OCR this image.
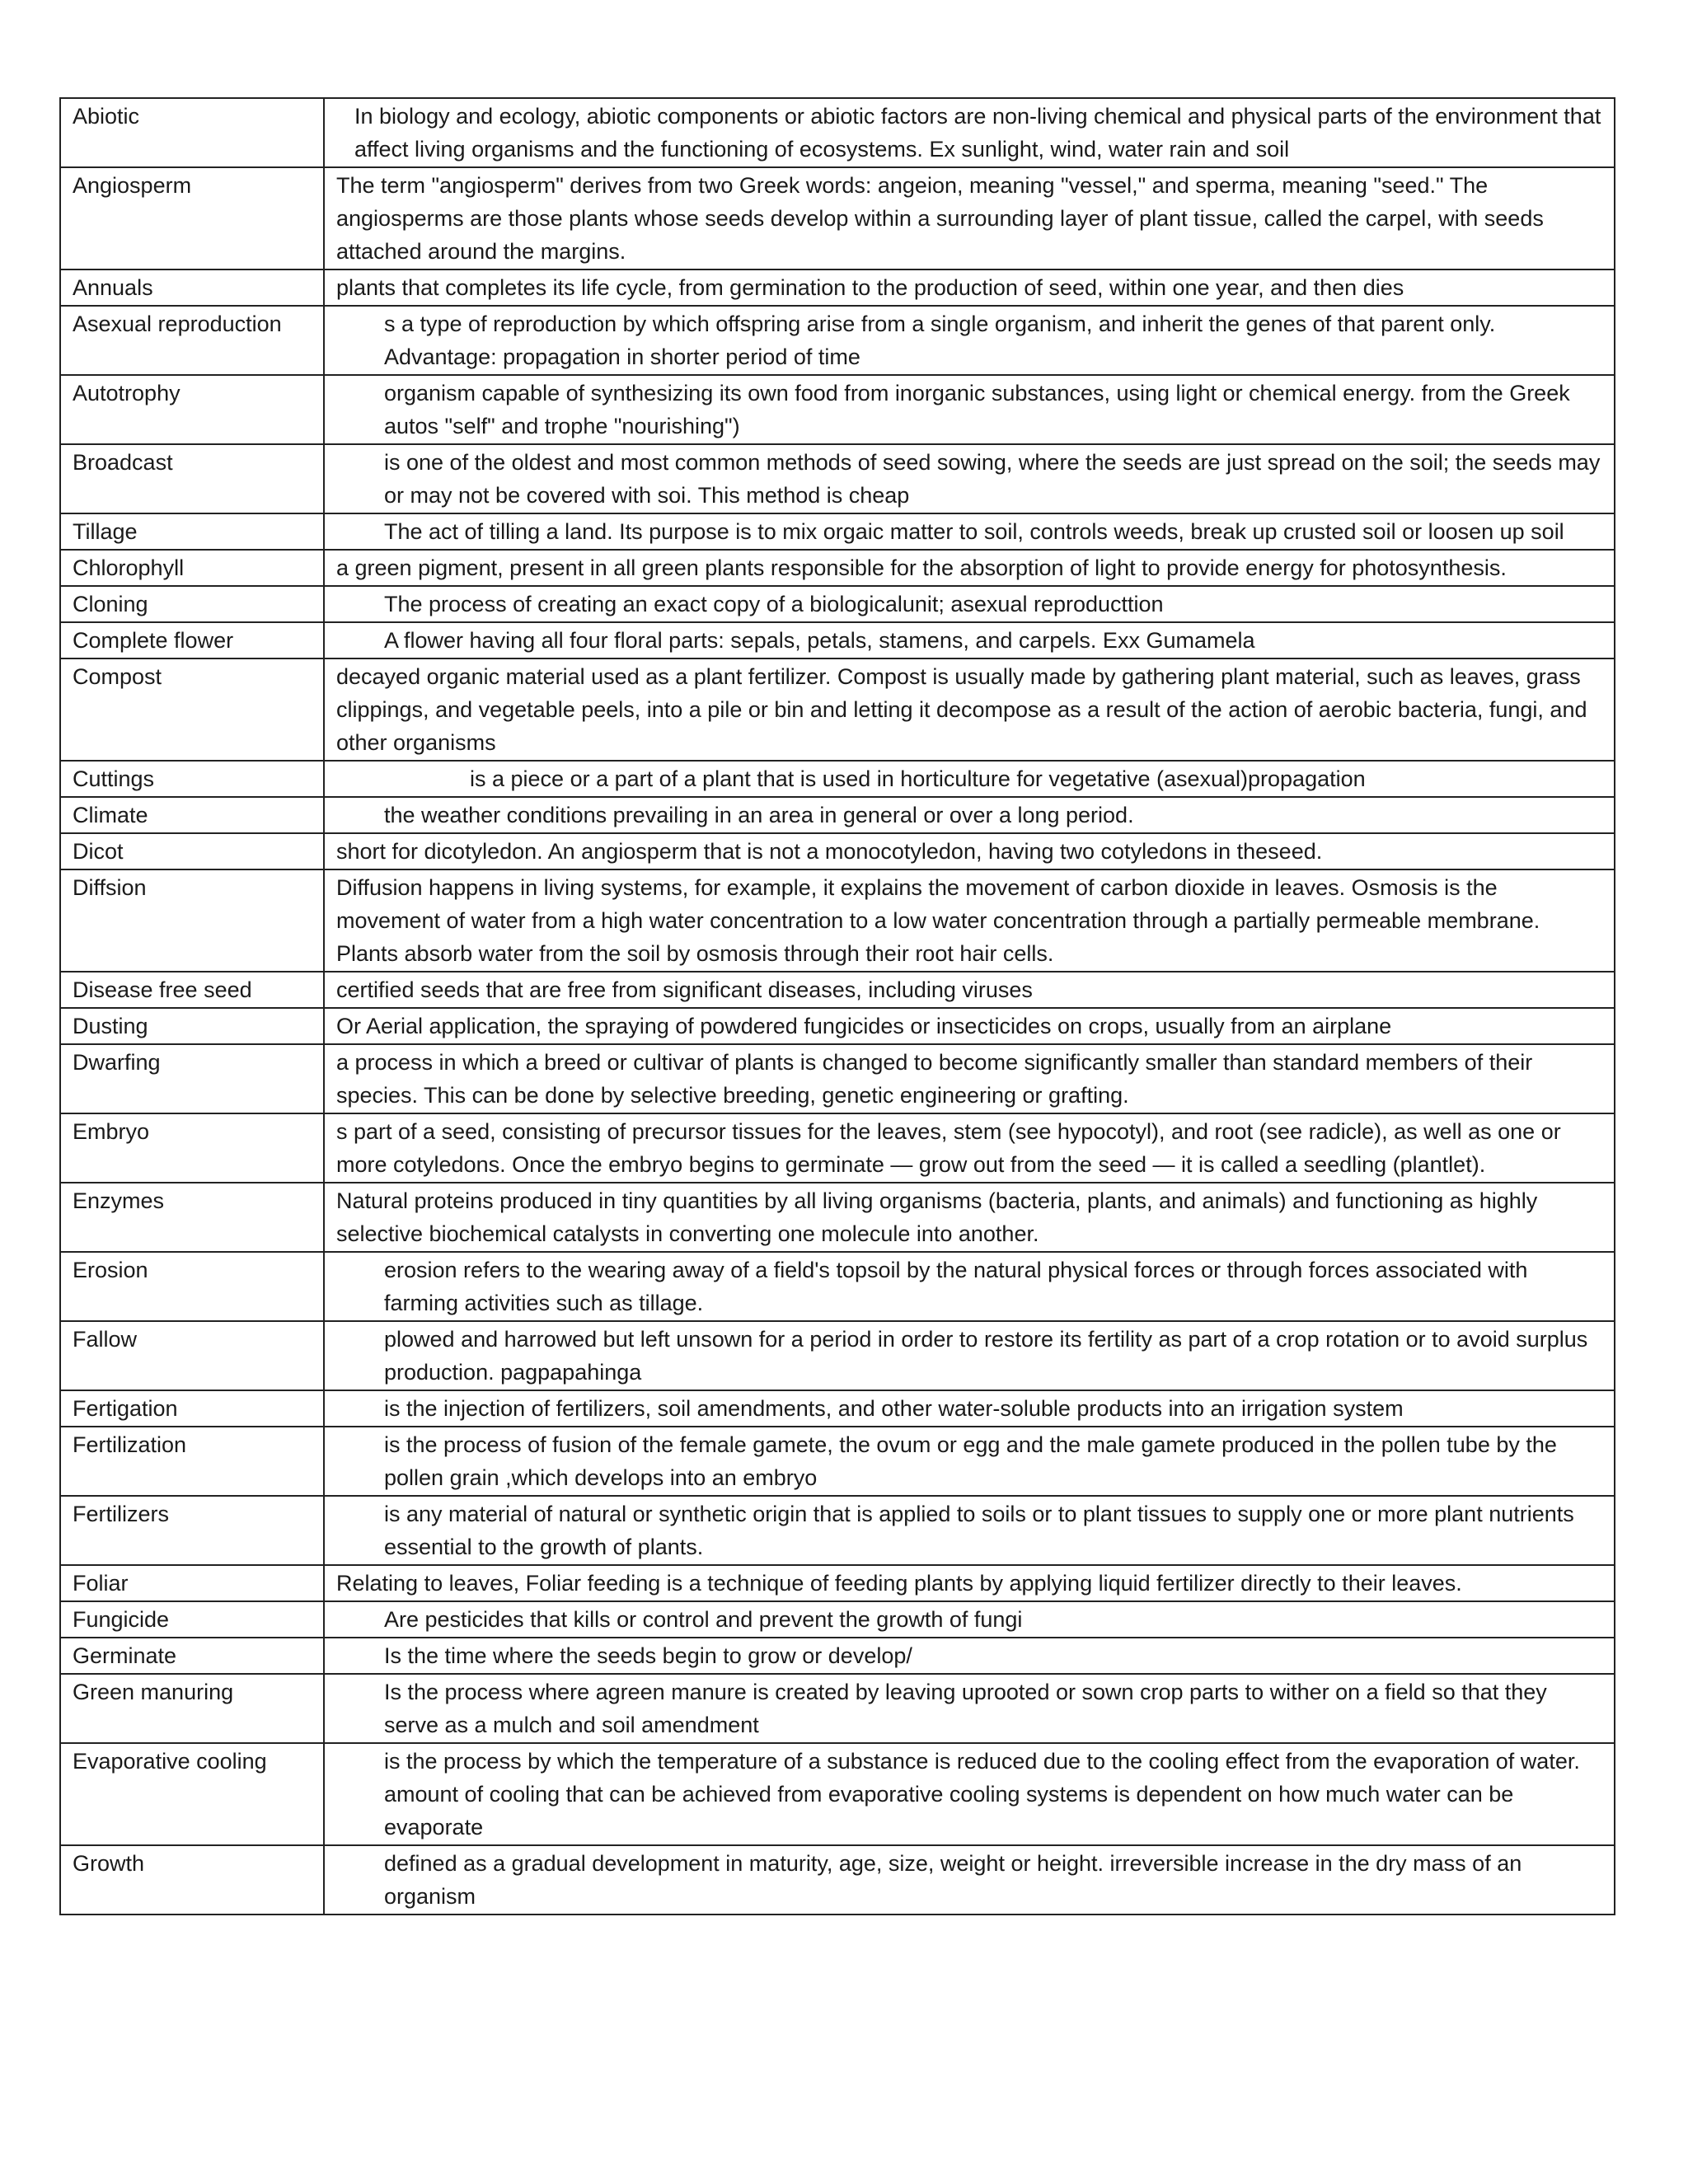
Abiotic	In biology and ecology, abiotic components or abiotic factors are non-living chemical and physical parts of the environment that affect living organisms and the functioning of ecosystems. Ex sunlight, wind, water rain and soil
Angiosperm	The term "angiosperm" derives from two Greek words: angeion, meaning "vessel," and sperma, meaning "seed." The angiosperms are those plants whose seeds develop within a surrounding layer of plant tissue, called the carpel, with seeds attached around the margins.
Annuals	plants that completes its life cycle, from germination to the production of seed, within one year, and then dies
Asexual reproduction	s a type of reproduction by which offspring arise from a single organism, and inherit the genes of that parent only. Advantage: propagation in shorter period of time
Autotrophy	organism capable of synthesizing its own food from inorganic substances, using light or chemical energy. from the Greek autos "self" and trophe "nourishing")
Broadcast	is one of the oldest and most common methods of seed sowing, where the seeds are just spread on the soil; the seeds may or may not be covered with soi. This method is cheap
Tillage	The act of tilling a land. Its purpose is to mix orgaic matter to soil, controls weeds, break up crusted soil or loosen up soil
Chlorophyll	a green pigment, present in all green plants responsible for the absorption of light to provide energy for photosynthesis.
Cloning	The process of creating an exact copy of a biologicalunit; asexual reproducttion
Complete flower	A flower having all four floral parts: sepals, petals, stamens, and carpels. Exx Gumamela
Compost	decayed organic material used as a plant fertilizer. Compost is usually made by gathering plant material, such as leaves, grass clippings, and vegetable peels, into a pile or bin and letting it decompose as a result of the action of aerobic bacteria, fungi, and other organisms
Cuttings	is a piece or a part of a plant that is used in horticulture for vegetative (asexual)propagation
Climate	the weather conditions prevailing in an area in general or over a long period.
Dicot	short for dicotyledon. An angiosperm that is not a monocotyledon, having two cotyledons in theseed.
Diffsion	Diffusion happens in living systems, for example, it explains the movement of carbon dioxide in leaves. Osmosis is the movement of water from a high water concentration to a low water concentration through a partially permeable membrane. Plants absorb water from the soil by osmosis through their root hair cells.
Disease free seed	certified seeds that are free from significant diseases, including viruses
Dusting	Or Aerial application, the spraying of powdered fungicides or insecticides on crops, usually from an airplane
Dwarfing	a process in which a breed or cultivar of plants is changed to become significantly smaller than standard members of their species. This can be done by selective breeding, genetic engineering or grafting.
Embryo	s part of a seed, consisting of precursor tissues for the leaves, stem (see hypocotyl), and root (see radicle), as well as one or more cotyledons. Once the embryo begins to germinate — grow out from the seed — it is called a seedling (plantlet).
Enzymes	Natural proteins produced in tiny quantities by all living organisms (bacteria, plants, and animals) and functioning as highly selective biochemical catalysts in converting one molecule into another.
Erosion	erosion refers to the wearing away of a field's topsoil by the natural physical forces or through forces associated with farming activities such as tillage.
Fallow	plowed and harrowed but left unsown for a period in order to restore its fertility as part of a crop rotation or to avoid surplus production. pagpapahinga
Fertigation	is the injection of fertilizers, soil amendments, and other water-soluble products into an irrigation system
Fertilization	is the process of fusion of the female gamete, the ovum or egg and the male gamete produced in the pollen tube by the pollen grain ,which develops into an embryo
Fertilizers	is any material of natural or synthetic origin that is applied to soils or to plant tissues to supply one or more plant nutrients essential to the growth of plants.
Foliar	Relating to leaves, Foliar feeding is a technique of feeding plants by applying liquid fertilizer directly to their leaves.
Fungicide	Are pesticides that kills or control and prevent the growth of fungi
Germinate	Is the time where the seeds begin to grow or develop/
Green manuring	Is the process where agreen manure is created by leaving uprooted or sown crop parts to wither on a field so that they serve as a mulch and soil amendment
Evaporative cooling	is the process by which the temperature of a substance is reduced due to the cooling effect from the evaporation of water. amount of cooling that can be achieved from evaporative cooling systems is dependent on how much water can be evaporate
Growth	defined as a gradual development in maturity, age, size, weight or height. irreversible increase in the dry mass of an organism
